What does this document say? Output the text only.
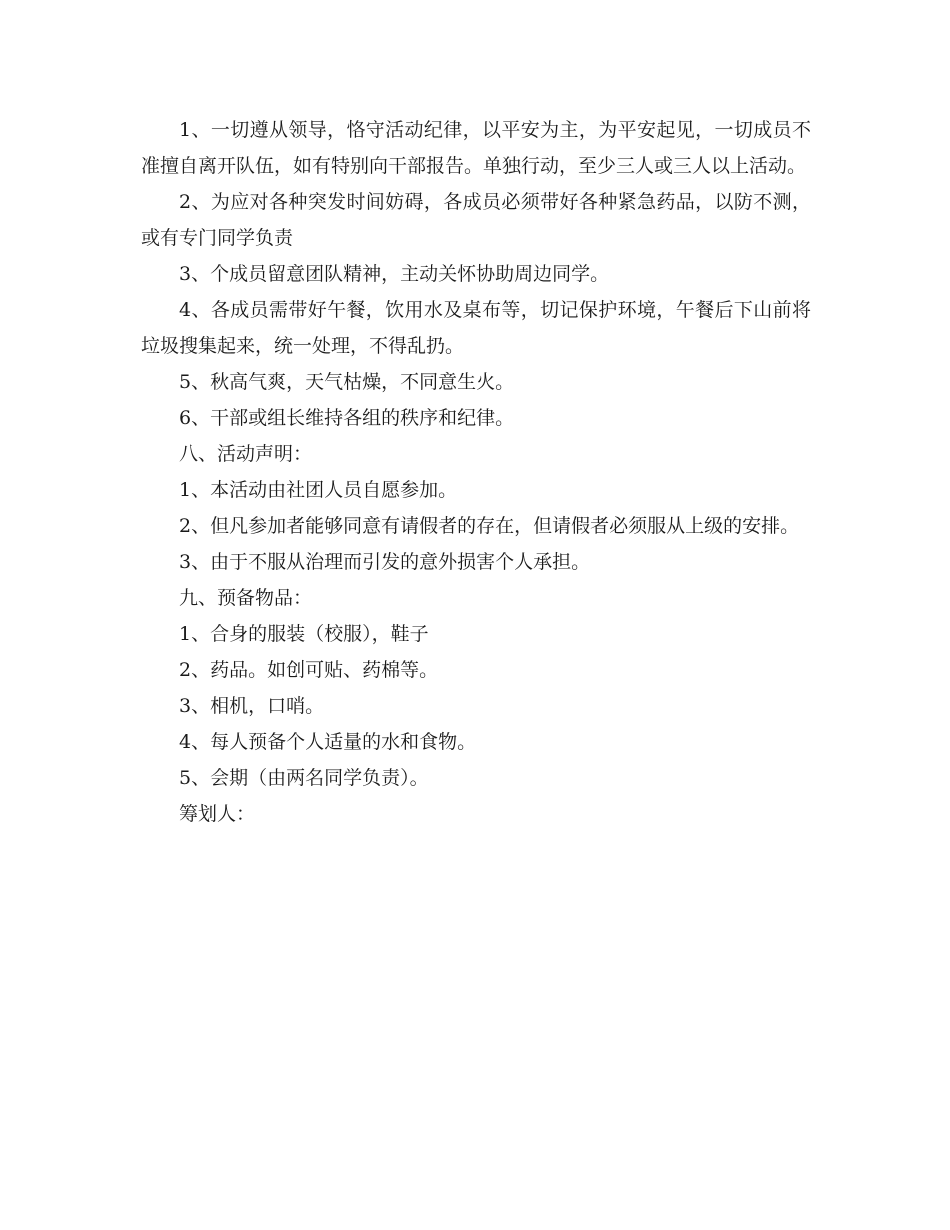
1、一切遵从领导，恪守活动纪律，以平安为主，为平安起见，一切成员不准擅自离开队伍，如有特别向干部报告。单独行动，至少三人或三人以上活动。

2、为应对各种突发时间妨碍，各成员必须带好各种紧急药品，以防不测，或有专门同学负责

3、个成员留意团队精神，主动关怀协助周边同学。

4、各成员需带好午餐，饮用水及桌布等，切记保护环境，午餐后下山前将垃圾搜集起来，统一处理，不得乱扔。

5、秋高气爽，天气枯燥，不同意生火。

6、干部或组长维持各组的秩序和纪律。

八、活动声明：

1、本活动由社团人员自愿参加。

2、但凡参加者能够同意有请假者的存在，但请假者必须服从上级的安排。

3、由于不服从治理而引发的意外损害个人承担。

九、预备物品：

1、合身的服装（校服），鞋子

2、药品。如创可贴、药棉等。

3、相机，口哨。

4、每人预备个人适量的水和食物。

5、会期（由两名同学负责）。

筹划人：
